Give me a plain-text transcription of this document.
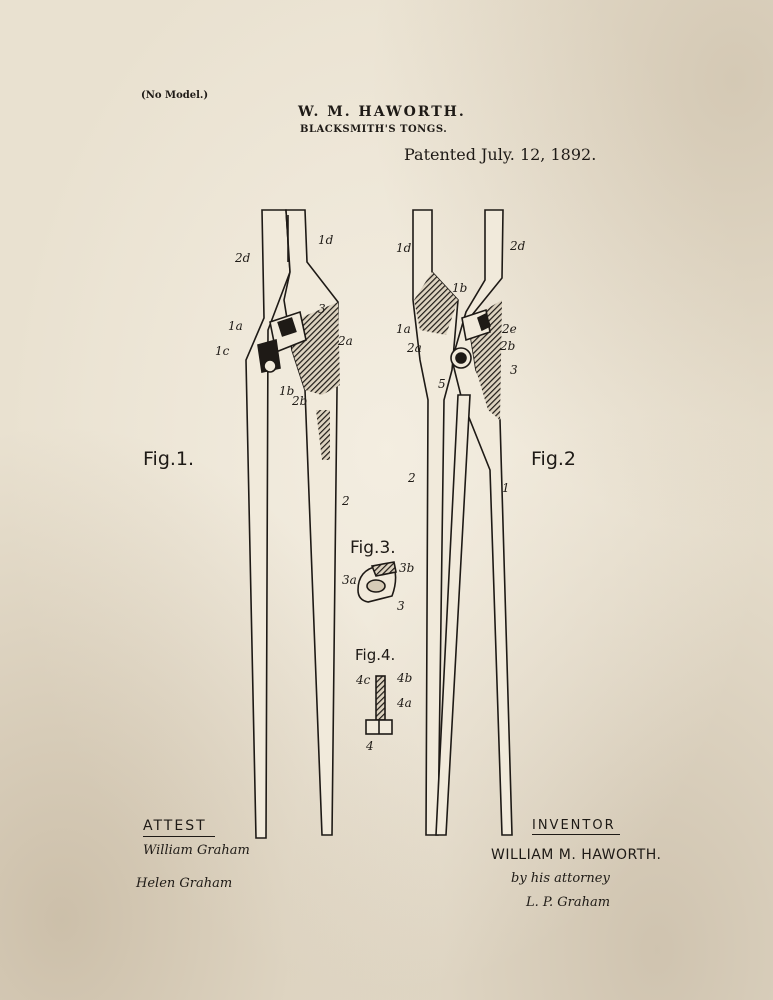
(No Model.)
W. M. HAWORTH.
BLACKSMITH'S TONGS.
Patented July. 12, 1892.
2d
1d
3
1a
2a
1c
1b
2b
2
1d	2d
1b
1a	2e
2a	2b
5
3
2
1
3a
3b
3
4c 4b
4a
4
Fig.1.	Fig.2
Fig.3.
Fig.4.
ATTEST
William Graham
Helen Graham
INVENTOR
WILLIAM M. HAWORTH.
by his attorney
L. P. Graham
